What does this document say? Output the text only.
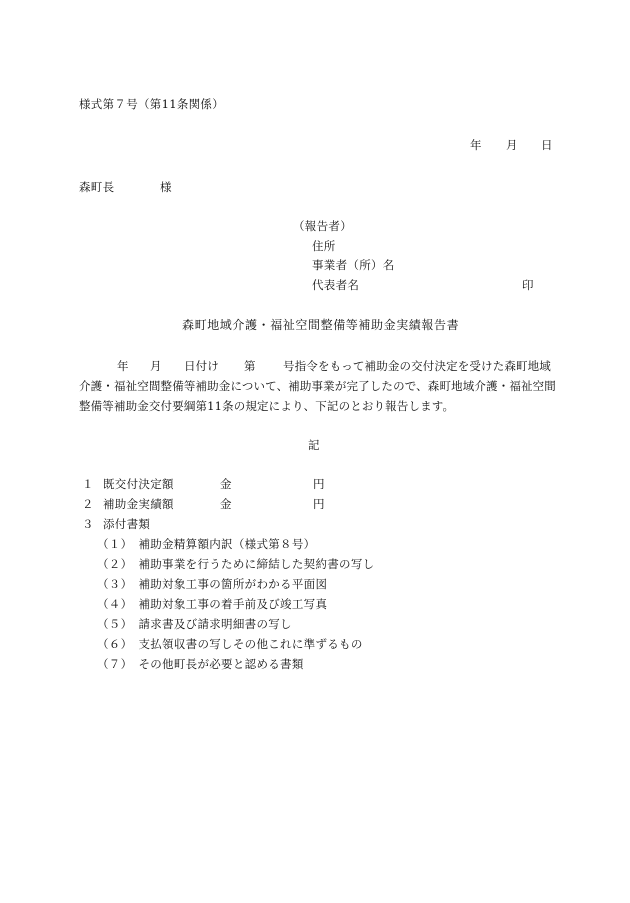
様式第７号（第11条関係）
年 月 日
森町長	様
（報告者）
住所
事業者（所）名
代表者名	印
森町地域介護・福祉空間整備等補助金実績報告書
年 月 日付け 第 号指令をもって補助金の交付決定を受けた森町地域
介護・福祉空間整備等補助金について、補助事業が完了したので、森町地域介護・福祉空間
整備等補助金交付要綱第11条の規定により、下記のとおり報告します。
記
１ 既交付決定額	金	円
２ 補助金実績額	金	円
３ 添付書類
（１）　補助金精算額内訳（様式第８号）
（２）　補助事業を行うために締結した契約書の写し
（３）　補助対象工事の箇所がわかる平面図
（４）　補助対象工事の着手前及び竣工写真
（５）　請求書及び請求明細書の写し
（６）　支払領収書の写しその他これに準ずるもの
（７）　その他町長が必要と認める書類
